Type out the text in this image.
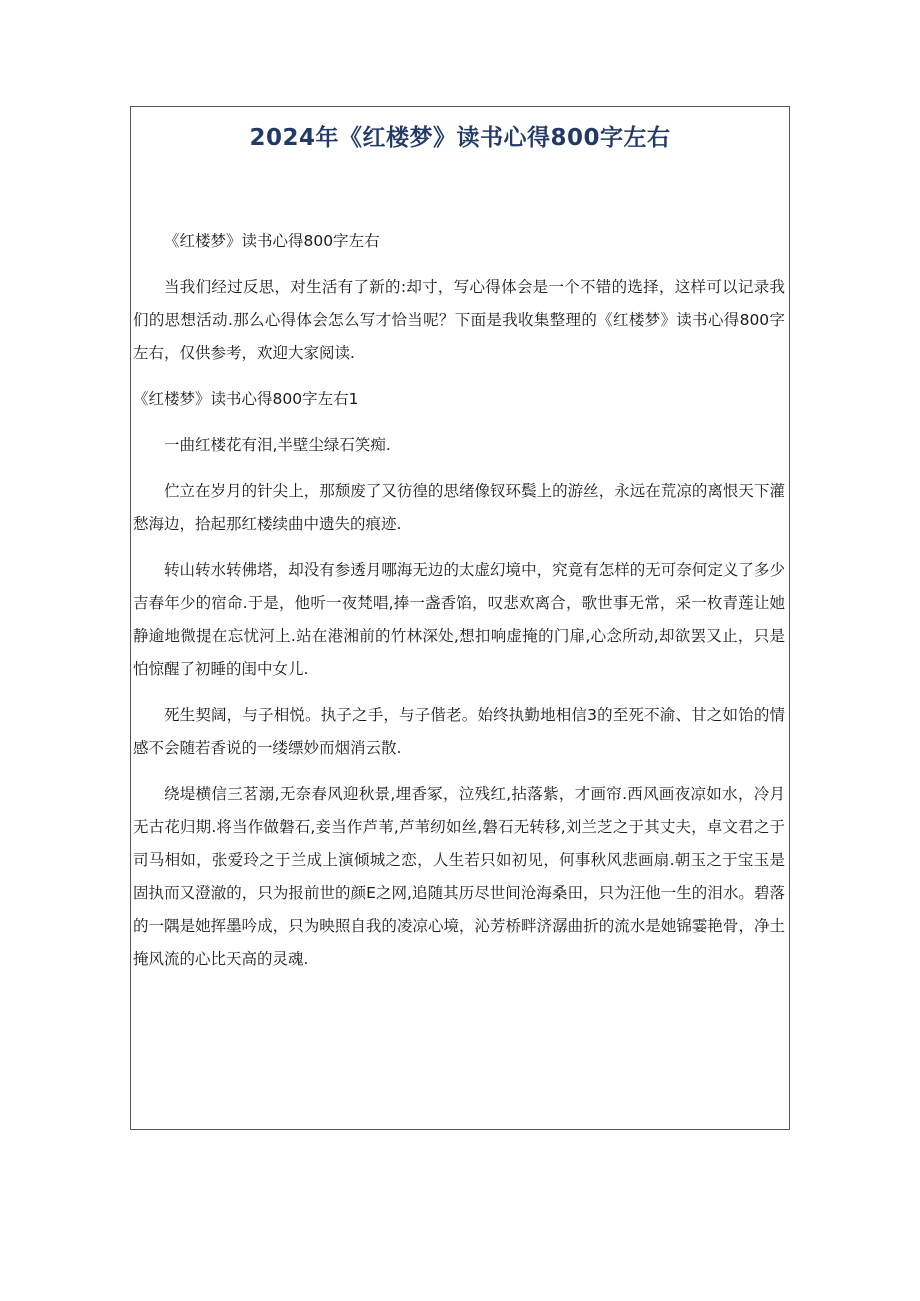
2024年《红楼梦》读书心得800字左右

《红楼梦》读书心得800字左右

当我们经过反思，对生活有了新的:却寸，写心得体会是一个不错的选择，这样可以记录我们的思想活动.那么心得体会怎么写才恰当呢？下面是我收集整理的《红楼梦》读书心得800字左右，仅供参考，欢迎大家阅读.

《红楼梦》读书心得800字左右1

一曲红楼花有泪,半壁尘绿石笑痴.

伫立在岁月的针尖上，那颓废了又彷徨的思绪像钗环鬓上的游丝，永远在荒凉的离恨天下灌愁海边，拾起那红楼续曲中遗失的痕迹.

转山转水转佛塔，却没有参透月哪海无边的太虚幻境中，究竟有怎样的无可奈何定义了多少吉春年少的宿命.于是，他听一夜梵唱,捧一盏香馅，叹悲欢离合，歌世事无常，采一枚青莲让她静逾地微提在忘忧河上.站在港湘前的竹林深处,想扣响虚掩的门扉,心念所动,却欲罢又止，只是怕惊醒了初睡的闺中女儿.

死生契阔，与子相悦。执子之手，与子偕老。始终执勤地相信3的至死不渝、甘之如饴的情感不会随若香说的一缕缥妙而烟消云散.

绕堤横信三茗溺,无奈春风迎秋景,埋香冢，泣残红,拈落紫，才画帘.西风画夜凉如水，冷月无古花归期.将当作做磐石,妾当作芦苇,芦苇纫如丝,磐石无转移,刘兰芝之于其丈夫，卓文君之于司马相如，张爱玲之于兰成上演倾城之恋，人生若只如初见，何事秋风悲画扇.朝玉之于宝玉是固执而又澄澈的，只为报前世的颜E之网,追随其历尽世间沧海桑田，只为汪他一生的泪水。碧落的一隅是她挥墨吟成，只为映照自我的凌凉心境，沁芳桥畔济潺曲折的流水是她锦霎艳骨，净土掩风流的心比天高的灵魂.
